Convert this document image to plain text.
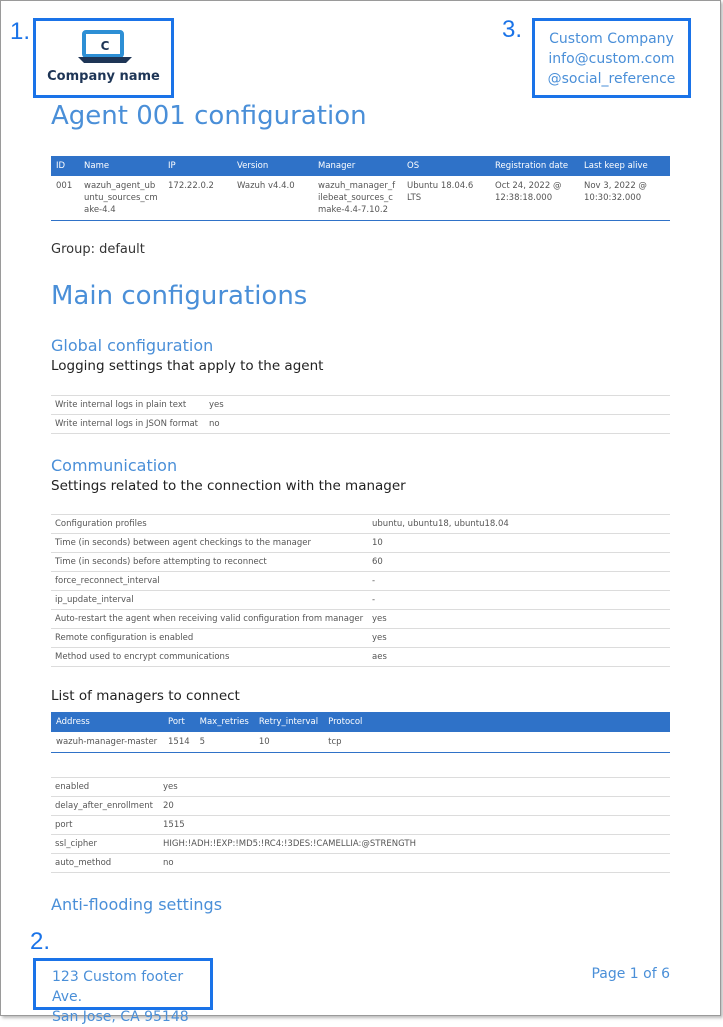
1.
2.
3.
C
Company name
Custom Company
info@custom.com
@social_reference
Agent 001 configuration
ID	Name	IP	Version	Manager	OS	Registration date	Last keep alive
001	wazuh_agent_ubuntu_sources_cmake-4.4	172.22.0.2	Wazuh v4.4.0	wazuh_manager_filebeat_sources_cmake-4.4-7.10.2	Ubuntu 18.04.6 LTS	Oct 24, 2022 @ 12:38:18.000	Nov 3, 2022 @ 10:30:32.000
Group: default
Main configurations
Global configuration
Logging settings that apply to the agent
Write internal logs in plain text	yes
Write internal logs in JSON format	no
Communication
Settings related to the connection with the manager
Configuration profiles	ubuntu, ubuntu18, ubuntu18.04
Time (in seconds) between agent checkings to the manager	10
Time (in seconds) before attempting to reconnect	60
force_reconnect_interval	-
ip_update_interval	-
Auto-restart the agent when receiving valid configuration from manager	yes
Remote configuration is enabled	yes
Method used to encrypt communications	aes
List of managers to connect
Address	Port	Max_retries	Retry_interval	Protocol
wazuh-manager-master	1514	5	10	tcp
enabled	yes
delay_after_enrollment	20
port	1515
ssl_cipher	HIGH:!ADH:!EXP:!MD5:!RC4:!3DES:!CAMELLIA:@STRENGTH
auto_method	no
Anti-flooding settings
123 Custom footer Ave.
San Jose, CA 95148
Page 1 of 6
